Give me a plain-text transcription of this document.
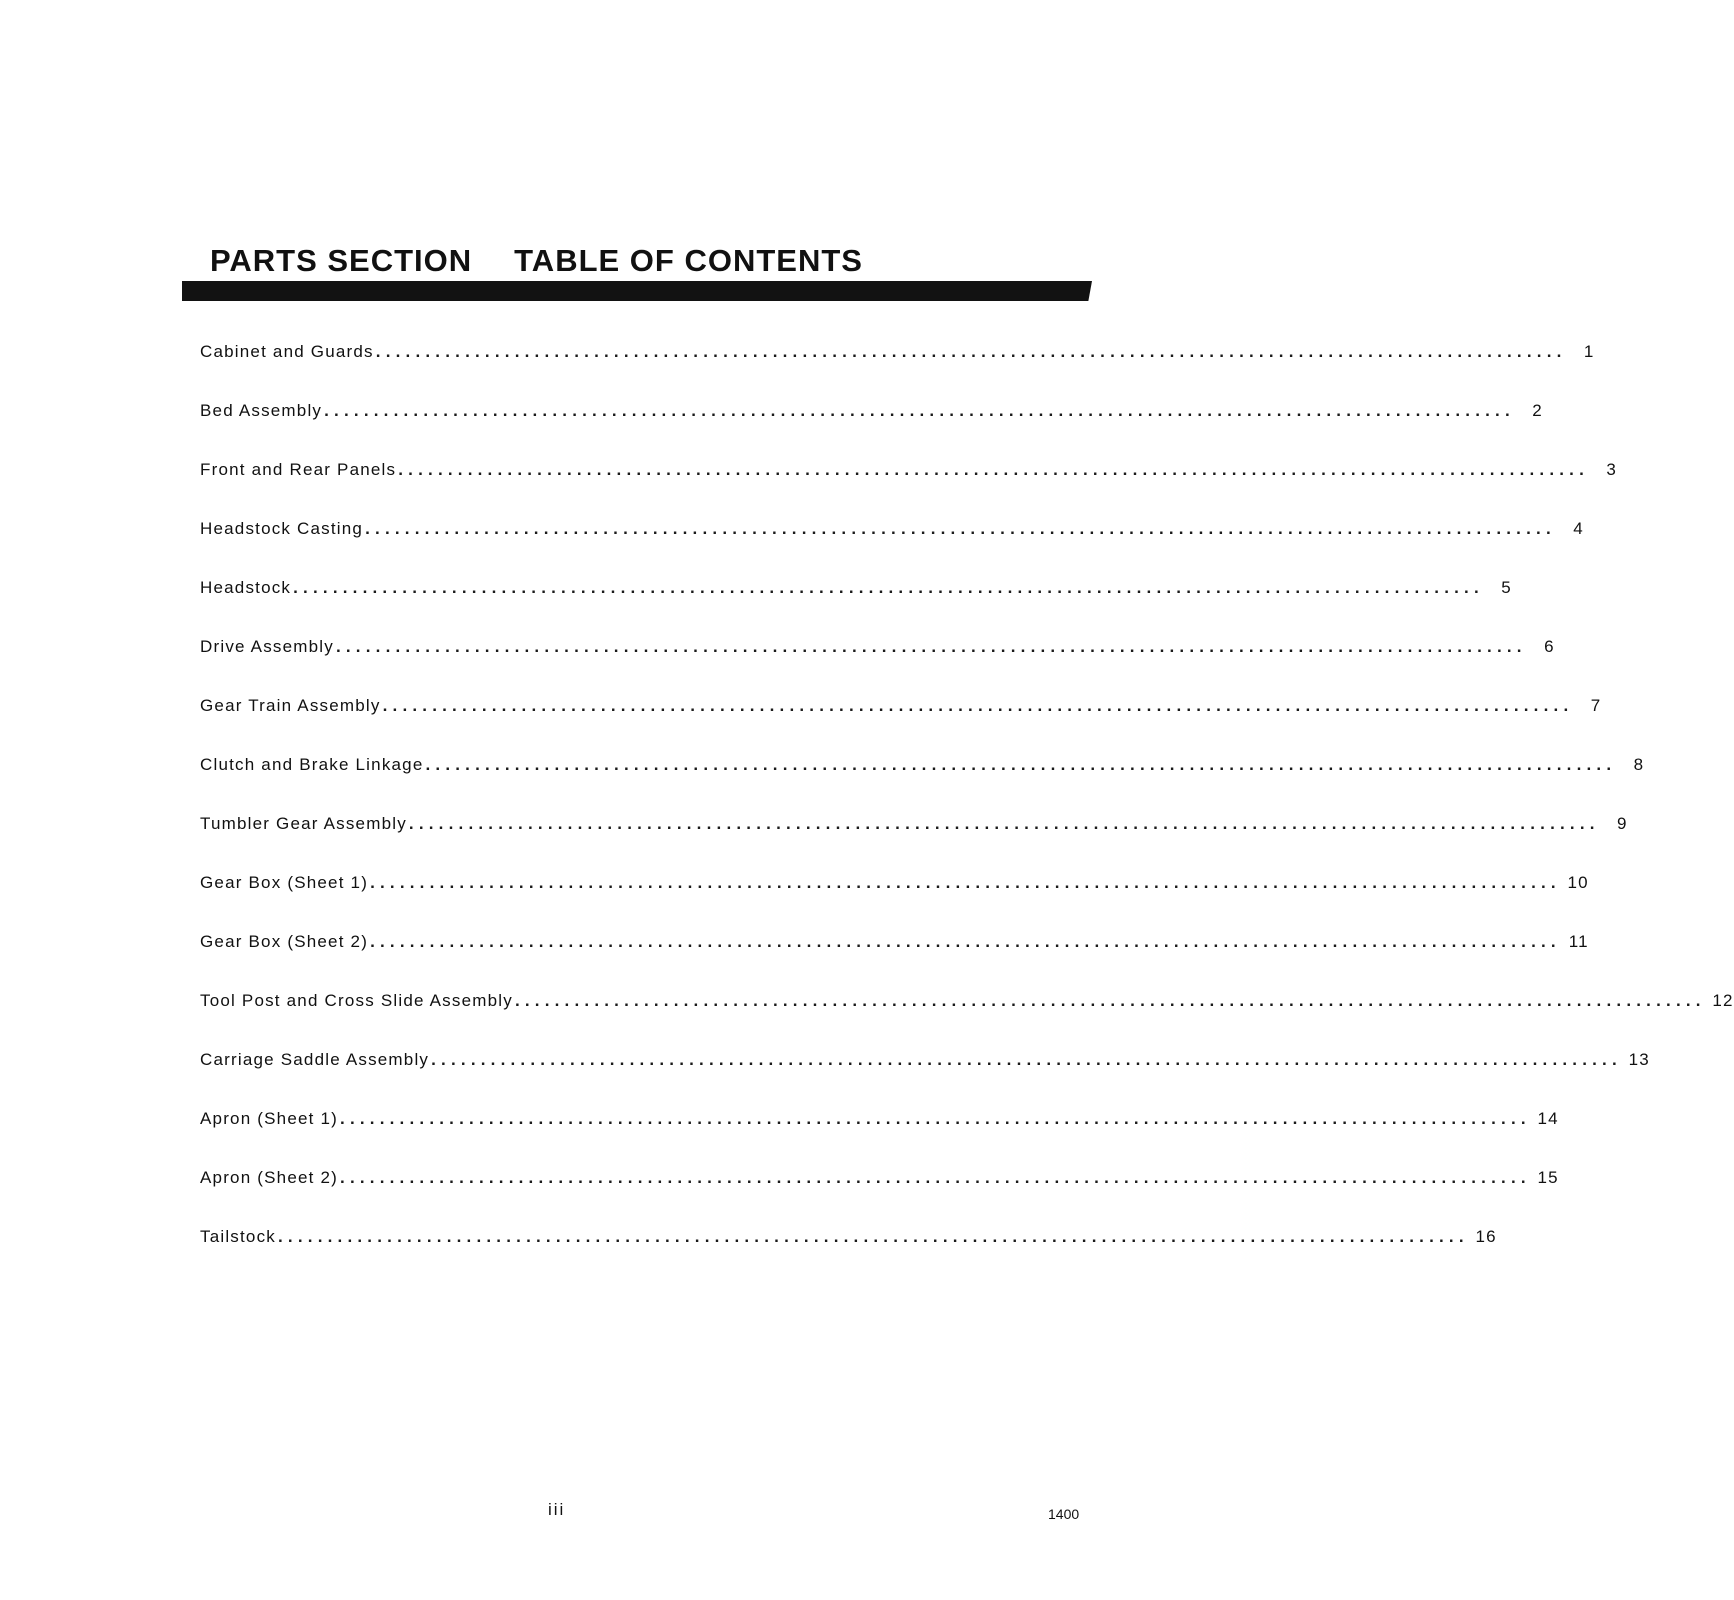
PARTS SECTION TABLE OF CONTENTS
Cabinet and Guards ........................................................................................................................	1
Bed Assembly ........................................................................................................................	2
Front and Rear Panels ........................................................................................................................	3
Headstock Casting ........................................................................................................................	4
Headstock ........................................................................................................................	5
Drive Assembly ........................................................................................................................	6
Gear Train Assembly ........................................................................................................................	7
Clutch and Brake Linkage ........................................................................................................................	8
Tumbler Gear Assembly ........................................................................................................................	9
Gear Box (Sheet 1) ........................................................................................................................ 10
Gear Box (Sheet 2) ........................................................................................................................ 11
Tool Post and Cross Slide Assembly ........................................................................................................................ 12
Carriage Saddle Assembly ........................................................................................................................ 13
Apron (Sheet 1) ........................................................................................................................ 14
Apron (Sheet 2) ........................................................................................................................ 15
Tailstock ........................................................................................................................ 16
iii	1400
